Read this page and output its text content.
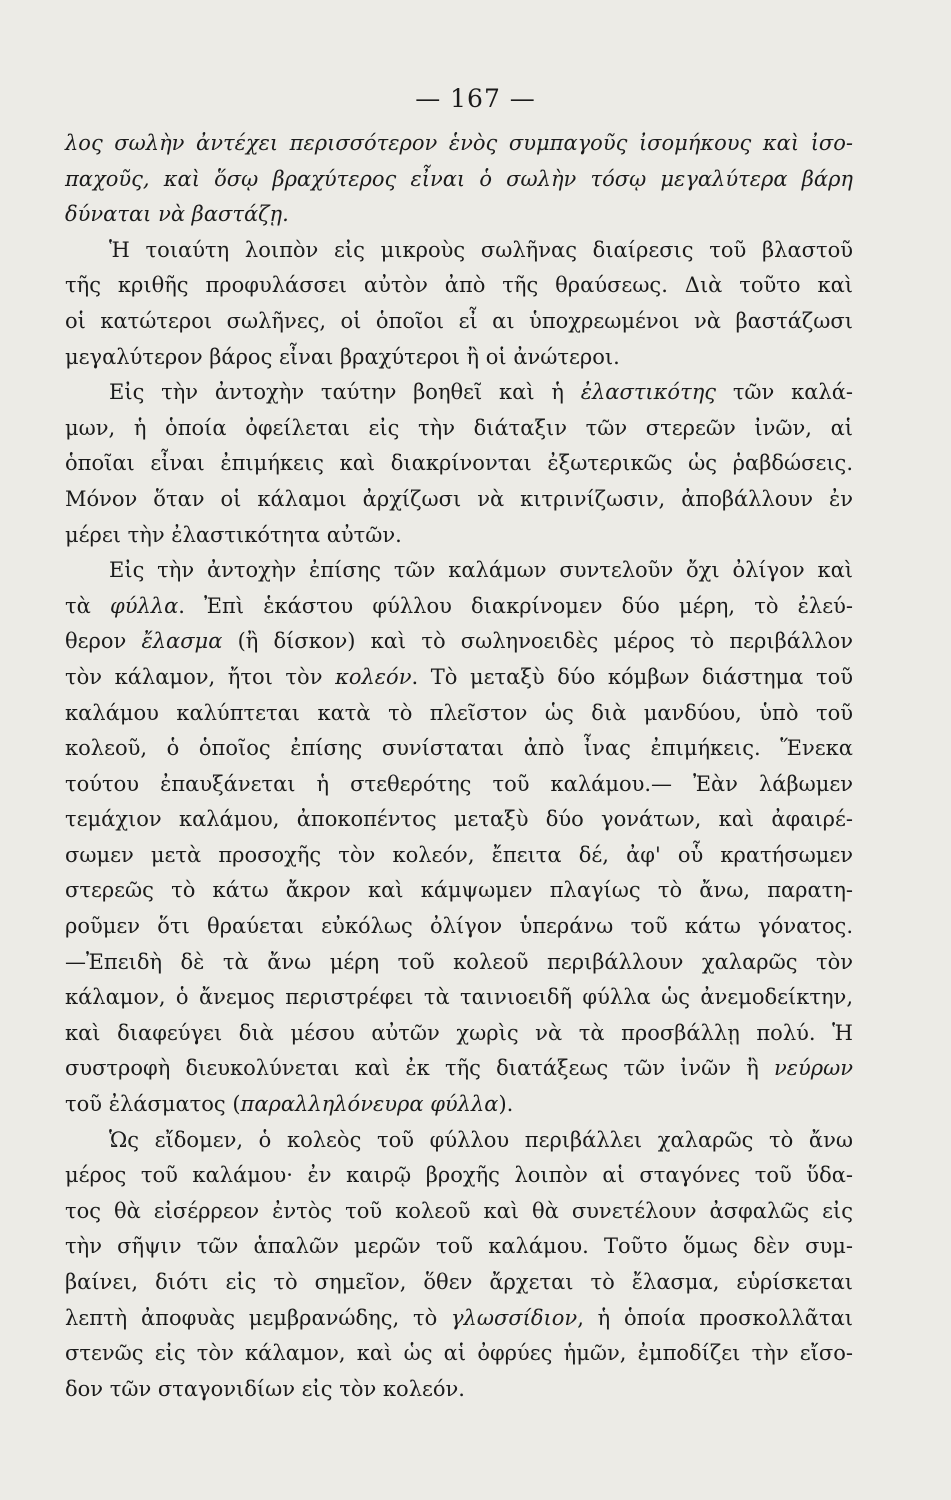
— 167 —
λος σωλὴν ἀντέχει περισσότερον ἑνὸς συμπαγοῦς ἰσομήκους καὶ ἰσο-
παχοῦς, καὶ ὅσῳ βραχύτερος εἶναι ὁ σωλὴν τόσῳ μεγαλύτερα βάρη
δύναται νὰ βαστάζῃ.
Ἡ τοιαύτη λοιπὸν εἰς μικροὺς σωλῆνας διαίρεσις τοῦ βλαστοῦ
τῆς κριθῆς προφυλάσσει αὐτὸν ἀπὸ τῆς θραύσεως. Διὰ τοῦτο καὶ
οἱ κατώτεροι σωλῆνες, οἱ ὁποῖοι εἶ αι ὑποχρεωμένοι νὰ βαστάζωσι
μεγαλύτερον βάρος εἶναι βραχύτεροι ἢ οἱ ἀνώτεροι.
Εἰς τὴν ἀντοχὴν ταύτην βοηθεῖ καὶ ἡ ἐλαστικότης τῶν καλά-
μων, ἡ ὁποία ὀφείλεται εἰς τὴν διάταξιν τῶν στερεῶν ἰνῶν, αἱ
ὁποῖαι εἶναι ἐπιμήκεις καὶ διακρίνονται ἐξωτερικῶς ὡς ῥαβδώσεις.
Μόνον ὅταν οἱ κάλαμοι ἀρχίζωσι νὰ κιτρινίζωσιν, ἀποβάλλουν ἐν
μέρει τὴν ἐλαστικότητα αὐτῶν.
Εἰς τὴν ἀντοχὴν ἐπίσης τῶν καλάμων συντελοῦν ὄχι ὀλίγον καὶ
τὰ φύλλα. Ἐπὶ ἑκάστου φύλλου διακρίνομεν δύο μέρη, τὸ ἐλεύ-
θερον ἔλασμα (ἢ δίσκον) καὶ τὸ σωληνοειδὲς μέρος τὸ περιβάλλον
τὸν κάλαμον, ἤτοι τὸν κολεόν. Τὸ μεταξὺ δύο κόμβων διάστημα τοῦ
καλάμου καλύπτεται κατὰ τὸ πλεῖστον ὡς διὰ μανδύου, ὑπὸ τοῦ
κολεοῦ, ὁ ὁποῖος ἐπίσης συνίσταται ἀπὸ ἶνας ἐπιμήκεις. Ἕνεκα
τούτου ἐπαυξάνεται ἡ στεθερότης τοῦ καλάμου.— Ἐὰν λάβωμεν
τεμάχιον καλάμου, ἀποκοπέντος μεταξὺ δύο γονάτων, καὶ ἀφαιρέ-
σωμεν μετὰ προσοχῆς τὸν κολεόν, ἔπειτα δέ, ἀφ' οὗ κρατήσωμεν
στερεῶς τὸ κάτω ἄκρον καὶ κάμψωμεν πλαγίως τὸ ἄνω, παρατη-
ροῦμεν ὅτι θραύεται εὐκόλως ὀλίγον ὑπεράνω τοῦ κάτω γόνατος.
—Ἐπειδὴ δὲ τὰ ἄνω μέρη τοῦ κολεοῦ περιβάλλουν χαλαρῶς τὸν
κάλαμον, ὁ ἄνεμος περιστρέφει τὰ ταινιοειδῆ φύλλα ὡς ἀνεμοδείκτην,
καὶ διαφεύγει διὰ μέσου αὐτῶν χωρὶς νὰ τὰ προσβάλλῃ πολύ. Ἡ
συστροφὴ διευκολύνεται καὶ ἐκ τῆς διατάξεως τῶν ἰνῶν ἢ νεύρων
τοῦ ἐλάσματος (παραλληλόνευρα φύλλα).
Ὡς εἴδομεν, ὁ κολεὸς τοῦ φύλλου περιβάλλει χαλαρῶς τὸ ἄνω
μέρος τοῦ καλάμου· ἐν καιρῷ βροχῆς λοιπὸν αἱ σταγόνες τοῦ ὕδα-
τος θὰ εἰσέρρεον ἐντὸς τοῦ κολεοῦ καὶ θὰ συνετέλουν ἀσφαλῶς εἰς
τὴν σῆψιν τῶν ἁπαλῶν μερῶν τοῦ καλάμου. Τοῦτο ὅμως δὲν συμ-
βαίνει, διότι εἰς τὸ σημεῖον, ὅθεν ἄρχεται τὸ ἔλασμα, εὑρίσκεται
λεπτὴ ἀποφυὰς μεμβρανώδης, τὸ γλωσσίδιον, ἡ ὁποία προσκολλᾶται
στενῶς εἰς τὸν κάλαμον, καὶ ὡς αἱ ὀφρύες ἡμῶν, ἐμποδίζει τὴν εἴσο-
δον τῶν σταγονιδίων εἰς τὸν κολεόν.
